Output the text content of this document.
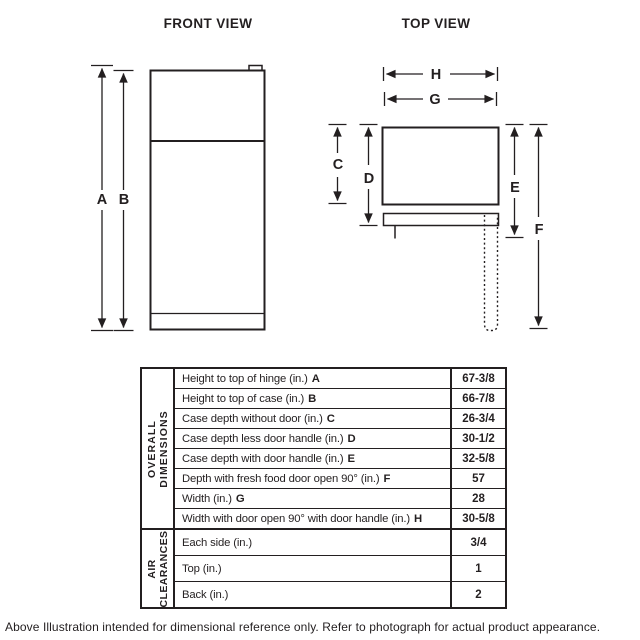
FRONT VIEW	TOP VIEW
A B
H
G
C
D
E
F
OVERALL DIMENSIONS
Height to top of hinge (in.) A	67-3/8
Height to top of case (in.) B	66-7/8
Case depth without door (in.) C	26-3/4
Case depth less door handle (in.) D	30-1/2
Case depth with door handle (in.) E	32-5/8
Depth with fresh food door open 90° (in.) F	57
Width (in.) G	28
Width with door open 90° with door handle (in.) H	30-5/8
AIR CLEARANCES Each side (in.)	3/4
Top (in.)	1
Back (in.)	2
Above Illustration intended for dimensional reference only. Refer to photograph for actual product appearance.
